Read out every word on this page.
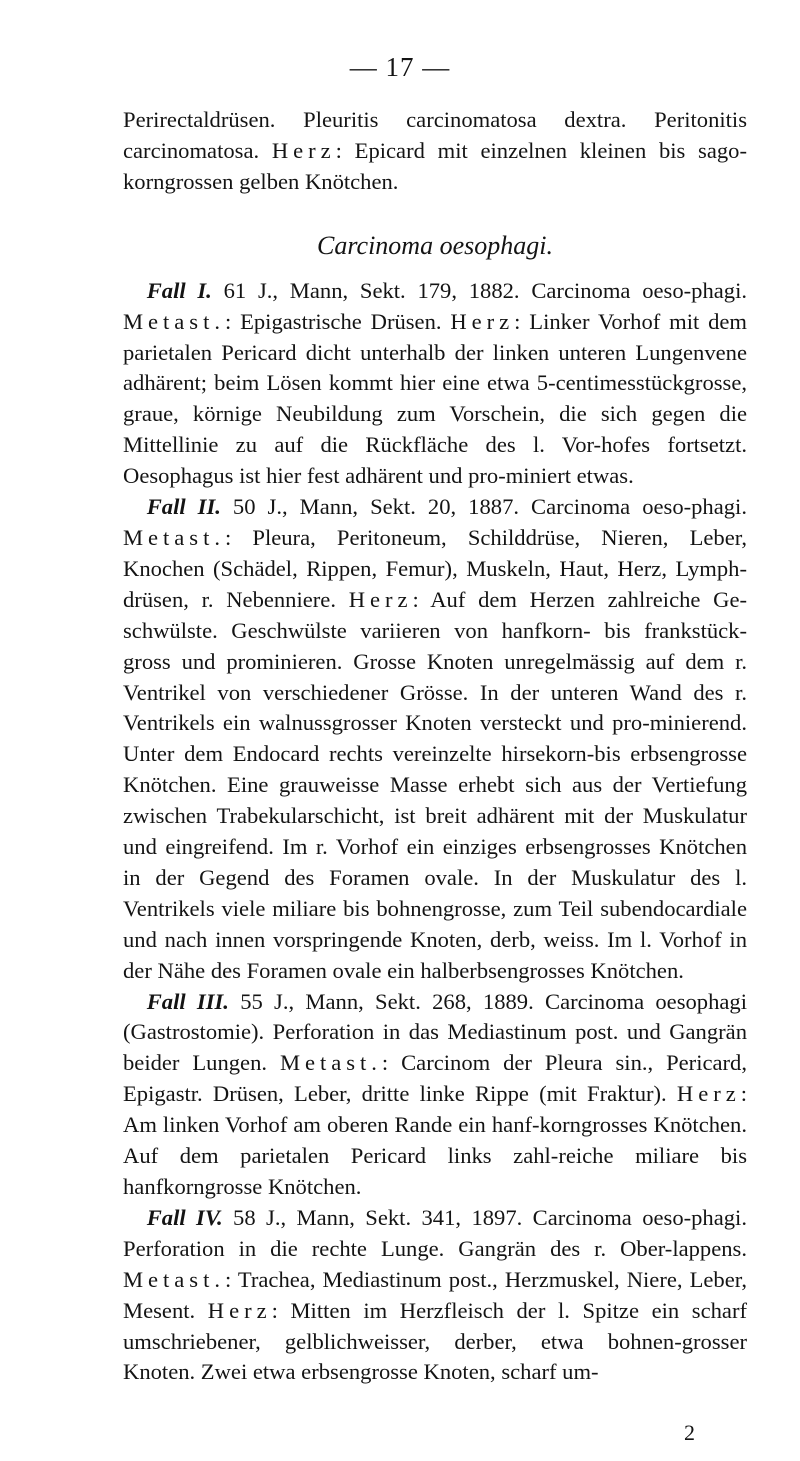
— 17 —

Perirectaldrüsen. Pleuritis carcinomatosa dextra. Peritonitis carcinomatosa. Herz: Epicard mit einzelnen kleinen bis sago-korngrossen gelben Knötchen.

Carcinoma oesophagi.

Fall I. 61 J., Mann, Sekt. 179, 1882. Carcinoma oeso-phagi. Metast.: Epigastrische Drüsen. Herz: Linker Vorhof mit dem parietalen Pericard dicht unterhalb der linken unteren Lungenvene adhärent; beim Lösen kommt hier eine etwa 5-centimesstückgrosse, graue, körnige Neubildung zum Vorschein, die sich gegen die Mittellinie zu auf die Rückfläche des l. Vor-hofes fortsetzt. Oesophagus ist hier fest adhärent und pro-miniert etwas.

Fall II. 50 J., Mann, Sekt. 20, 1887. Carcinoma oeso-phagi. Metast.: Pleura, Peritoneum, Schilddrüse, Nieren, Leber, Knochen (Schädel, Rippen, Femur), Muskeln, Haut, Herz, Lymph-drüsen, r. Nebenniere. Herz: Auf dem Herzen zahlreiche Ge-schwülste. Geschwülste variieren von hanfkorn- bis frankstück-gross und prominieren. Grosse Knoten unregelmässig auf dem r. Ventrikel von verschiedener Grösse. In der unteren Wand des r. Ventrikels ein walnussgrosser Knoten versteckt und pro-minierend. Unter dem Endocard rechts vereinzelte hirsekorn-bis erbsengrosse Knötchen. Eine grauweisse Masse erhebt sich aus der Vertiefung zwischen Trabekularschicht, ist breit adhärent mit der Muskulatur und eingreifend. Im r. Vorhof ein einziges erbsengrosses Knötchen in der Gegend des Foramen ovale. In der Muskulatur des l. Ventrikels viele miliare bis bohnengrosse, zum Teil subendocardiale und nach innen vorspringende Knoten, derb, weiss. Im l. Vorhof in der Nähe des Foramen ovale ein halberbsengrosses Knötchen.

Fall III. 55 J., Mann, Sekt. 268, 1889. Carcinoma oesophagi (Gastrostomie). Perforation in das Mediastinum post. und Gangrän beider Lungen. Metast.: Carcinom der Pleura sin., Pericard, Epigastr. Drüsen, Leber, dritte linke Rippe (mit Fraktur). Herz: Am linken Vorhof am oberen Rande ein hanf-korngrosses Knötchen. Auf dem parietalen Pericard links zahl-reiche miliare bis hanfkorngrosse Knötchen.

Fall IV. 58 J., Mann, Sekt. 341, 1897. Carcinoma oeso-phagi. Perforation in die rechte Lunge. Gangrän des r. Ober-lappens. Metast.: Trachea, Mediastinum post., Herzmuskel, Niere, Leber, Mesent. Herz: Mitten im Herzfleisch der l. Spitze ein scharf umschriebener, gelblichweisser, derber, etwa bohnen-grosser Knoten. Zwei etwa erbsengrosse Knoten, scharf um-

2
